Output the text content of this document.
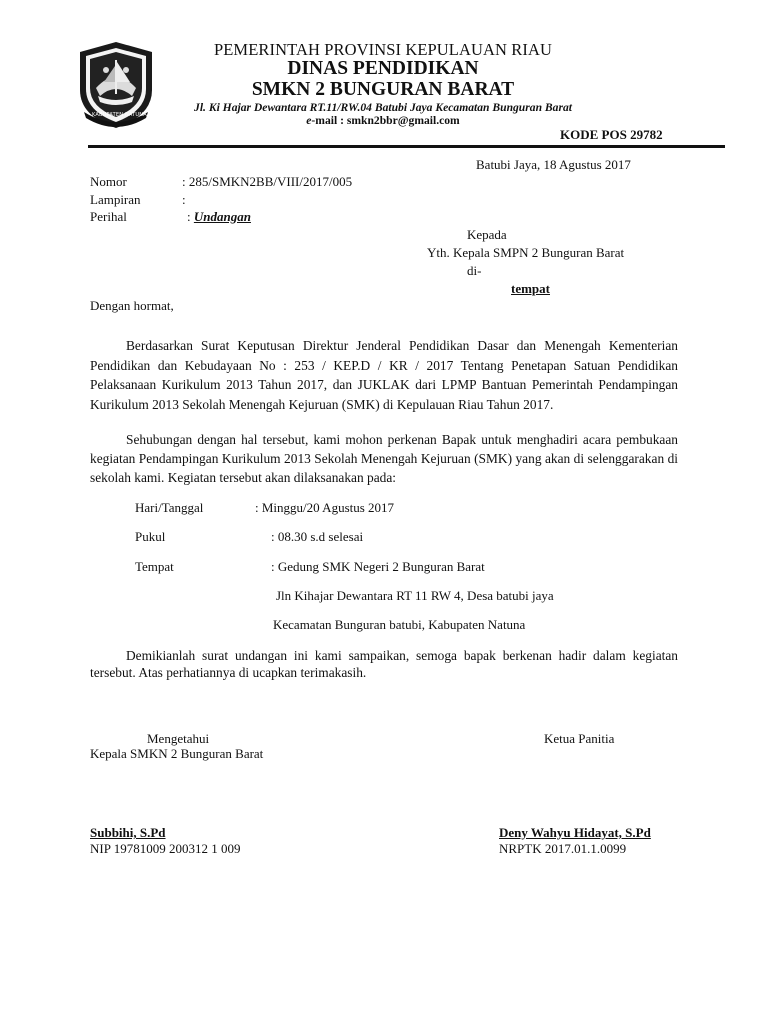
KABUPATEN NATUNA
PEMERINTAH PROVINSI KEPULAUAN RIAU
DINAS PENDIDIKAN
SMKN 2 BUNGURAN BARAT
Jl. Ki Hajar Dewantara RT.11/RW.04 Batubi Jaya Kecamatan Bunguran Barat
e-mail : smkn2bbr@gmail.com
KODE POS 29782
Batubi Jaya, 18 Agustus 2017
Nomor	: 285/SMKN2BB/VIII/2017/005
Lampiran	:
Perihal	: Undangan
Kepada
Yth. Kepala SMPN 2 Bunguran Barat
di-
tempat
Dengan hormat,
Berdasarkan Surat Keputusan Direktur Jenderal Pendidikan Dasar dan Menengah Kementerian Pendidikan dan Kebudayaan No : 253 / KEP.D / KR / 2017 Tentang Penetapan Satuan Pendidikan Pelaksanaan Kurikulum 2013 Tahun 2017, dan JUKLAK dari LPMP Bantuan Pemerintah Pendampingan Kurikulum 2013 Sekolah Menengah Kejuruan (SMK) di Kepulauan Riau Tahun 2017.
Sehubungan dengan hal tersebut, kami mohon perkenan Bapak untuk menghadiri acara pembukaan kegiatan Pendampingan Kurikulum 2013 Sekolah Menengah Kejuruan (SMK) yang akan di selenggarakan di sekolah kami. Kegiatan tersebut akan dilaksanakan pada:
Hari/Tanggal	: Minggu/20 Agustus 2017
Pukul	: 08.30 s.d selesai
Tempat	: Gedung SMK Negeri 2 Bunguran Barat
Jln Kihajar Dewantara RT 11 RW 4, Desa batubi jaya
Kecamatan Bunguran batubi, Kabupaten Natuna
Demikianlah surat undangan ini kami sampaikan, semoga bapak berkenan hadir dalam kegiatan tersebut. Atas perhatiannya di ucapkan terimakasih.
Mengetahui
Kepala SMKN 2 Bunguran Barat
Ketua Panitia
Subbihi, S.Pd
NIP 19781009 200312 1 009
Deny Wahyu Hidayat, S.Pd
NRPTK 2017.01.1.0099
